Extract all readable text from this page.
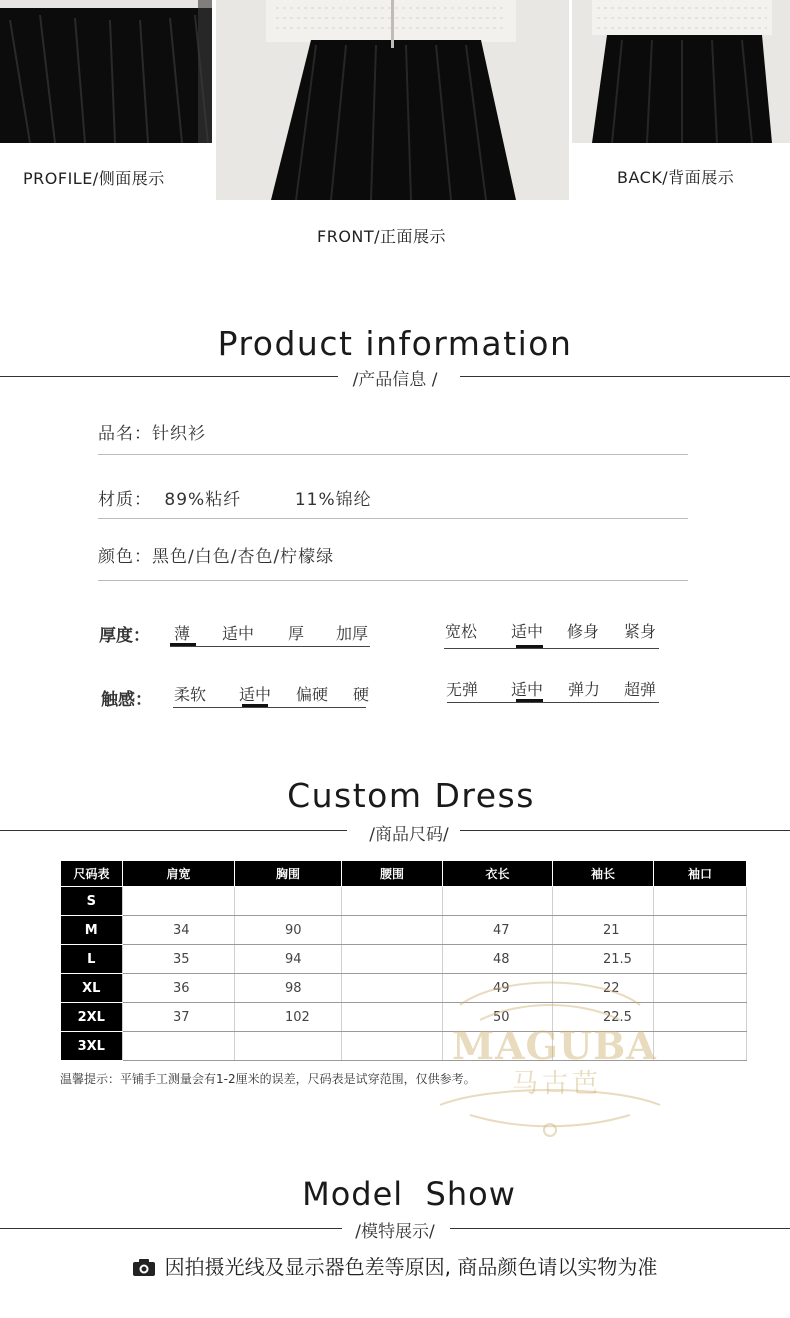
PROFILE/侧面展示
FRONT/正面展示
BACK/背面展示
Product information
/产品信息 /
品名：针织衫
材质： 89%粘纤	11%锦纶
颜色：黑色/白色/杏色/柠檬绿
厚度： 薄 适中 厚 加厚	宽松 适中 修身 紧身
触感： 柔软 适中 偏硬 硬	无弹 适中 弹力 超弹
Custom Dress
/商品尺码/
尺码表	肩宽	胸围	腰围	衣长	袖长	袖口
S						
M	34	90		47	21	
L	35	94		48	21.5	
XL	36	98		49	22	
2XL	37	102		50	22.5	
3XL							MAGUBA
马古芭
温馨提示：平铺手工测量会有1-2厘米的误差，尺码表是试穿范围，仅供参考。
Model  Show
/模特展示/
因拍摄光线及显示器色差等原因, 商品颜色请以实物为准
